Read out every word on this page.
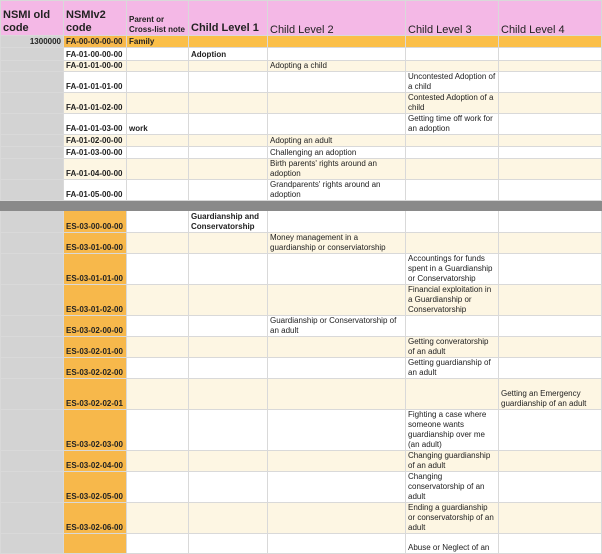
NSMI old code	NSMIv2 code	Parent or Cross-list note	Child Level 1	Child Level 2	Child Level 3	Child Level 4
1300000	FA-00-00-00-00	Family				
	FA-01-00-00-00		Adoption			
	FA-01-01-00-00			Adopting a child		
	FA-01-01-01-00				Uncontested Adoption of a child	
	FA-01-01-02-00				Contested Adoption of a child	
	FA-01-01-03-00	work			Getting time off work for an adoption	
	FA-01-02-00-00			Adopting an adult		
	FA-01-03-00-00			Challenging an adoption		
	FA-01-04-00-00			Birth parents' rights around an adoption		
	FA-01-05-00-00			Grandparents' rights around an adoption		

	ES-03-00-00-00		Guardianship and Conservatorship			
	ES-03-01-00-00			Money management in a guardianship or conserviatorship		
	ES-03-01-01-00				Accountings for funds spent in a Guardianship or Conservatorship	
	ES-03-01-02-00				Financial exploitation in a Guardianship or Conservatorship	
	ES-03-02-00-00			Guardianship or Conservatorship of an adult		
	ES-03-02-01-00				Getting converatorship of an adult	
	ES-03-02-02-00				Getting guardianship of an adult	
	ES-03-02-02-01					Getting an Emergency guardianship of an adult
	ES-03-02-03-00				Fighting a case where someone wants guardianship over me (an adult)	
	ES-03-02-04-00				Changing guardianship of an adult	
	ES-03-02-05-00				Changing conservatorship of an adult	
	ES-03-02-06-00				Ending a guardianship or conservatorship of an adult	
					Abuse or Neglect of an	
